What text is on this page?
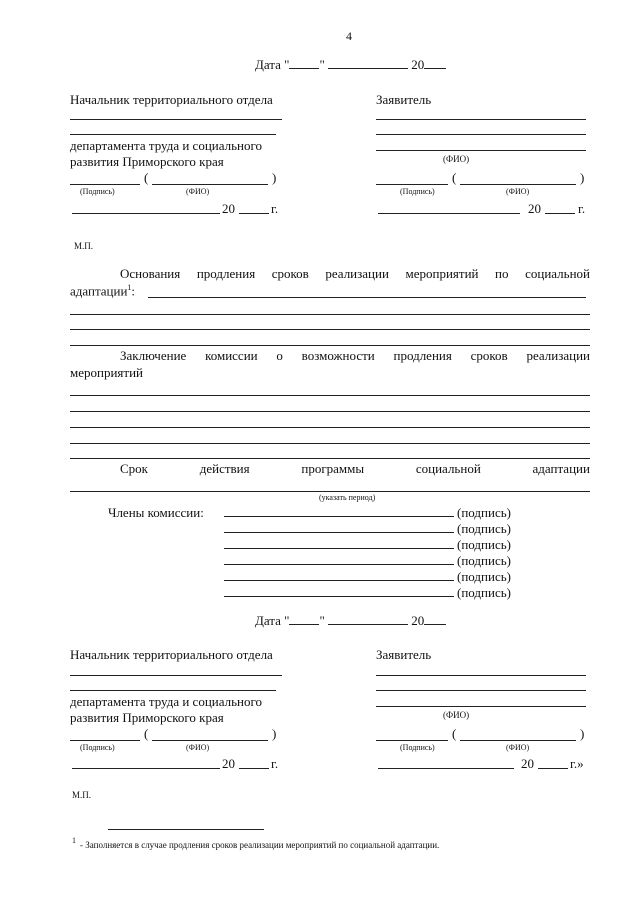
4
Дата " "	20
Начальник территориального отдела
департамента труда и социального
развития Приморского края
(	)
(Подпись)	(ФИО)
20	г.
Заявитель
(ФИО)
(	)
(Подпись)	(ФИО)
20	г.
М.П.
Основания продления сроков реализации мероприятий по социальной
адаптации$^1$:
Заключение комиссии о возможности продления сроков реализации
мероприятий
Срок	действия	программы	социальной	адаптации
(указать период)
Члены комиссии:	(подпись)
(подпись)
(подпись)
(подпись)
(подпись)
(подпись)
Дата " "	20
Начальник территориального отдела
департамента труда и социального
развития Приморского края
(	)
(Подпись)	(ФИО)
20	г.
Заявитель
(ФИО)
(	)
(Подпись)	(ФИО)
20	г.»
М.П.
1 - Заполняется в случае продления сроков реализации мероприятий по социальной адаптации.
